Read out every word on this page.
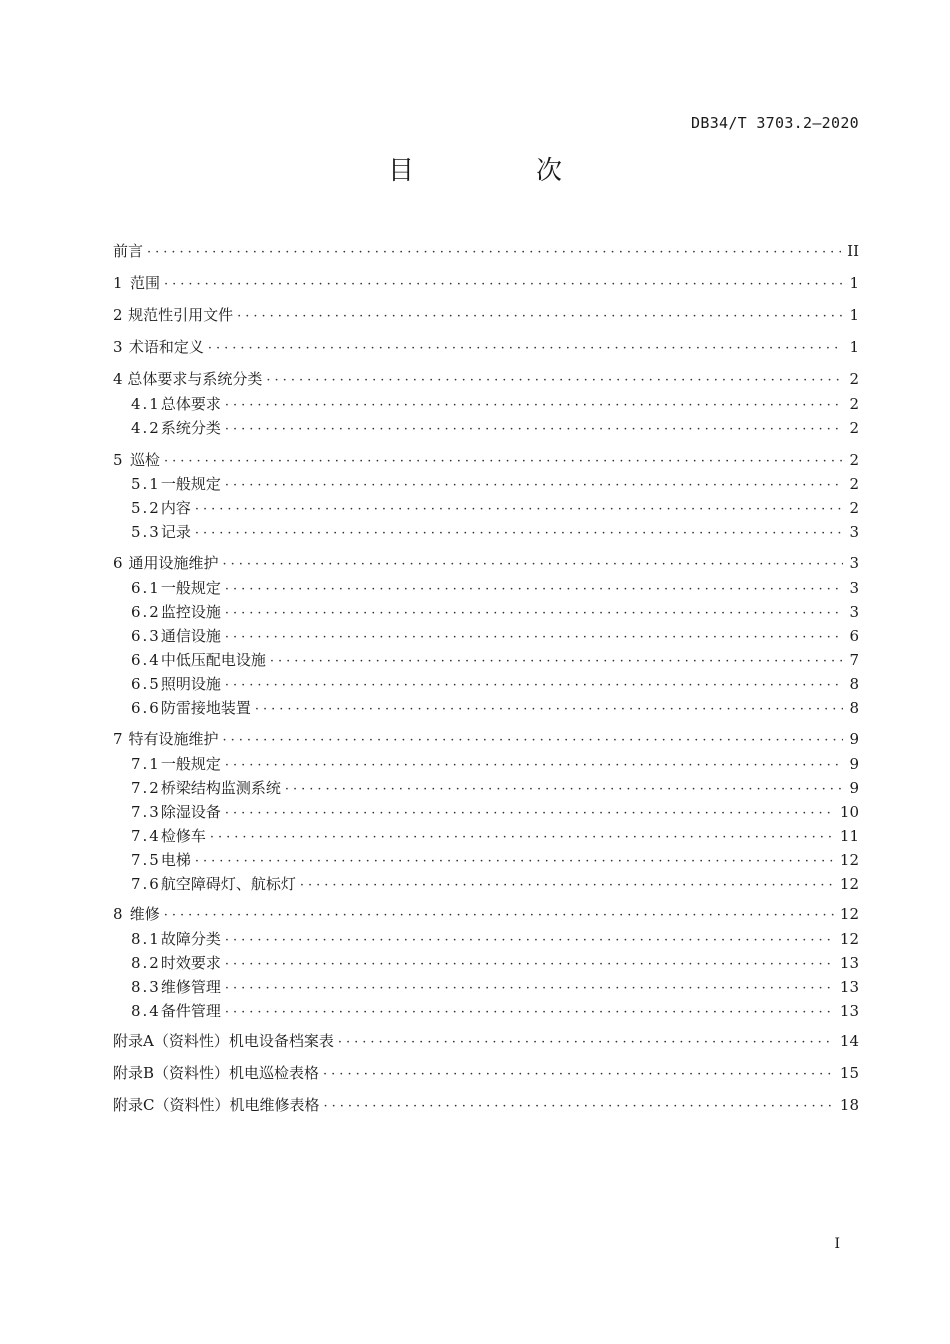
DB34/T 3703.2—2020
目　次
前言 ·····	II
1 范围 ·····	1
2 规范性引用文件 ·····	1
3 术语和定义 ·····	1
4 总体要求与系统分类 ·····	2
4.1 总体要求 ·····	2
4.2 系统分类 ·····	2
5 巡检 ·····	2
5.1 一般规定 ·····	2
5.2 内容 ·····	2
5.3 记录 ·····	3
6 通用设施维护 ·····	3
6.1 一般规定 ·····	3
6.2 监控设施 ·····	3
6.3 通信设施 ·····	6
6.4 中低压配电设施 ·····	7
6.5 照明设施 ·····	8
6.6 防雷接地装置 ·····	8
7 特有设施维护 ·····	9
7.1 一般规定 ·····	9
7.2 桥梁结构监测系统 ·····	9
7.3 除湿设备 ·····	10
7.4 检修车 ·····	11
7.5 电梯 ·····	12
7.6 航空障碍灯、航标灯 ·····	12
8 维修 ·····	12
8.1 故障分类 ·····	12
8.2 时效要求 ·····	13
8.3 维修管理 ·····	13
8.4 备件管理 ·····	13
附录A（资料性） 机电设备档案表 ·····	14
附录B（资料性） 机电巡检表格 ·····	15
附录C（资料性） 机电维修表格 ·····	18
I
